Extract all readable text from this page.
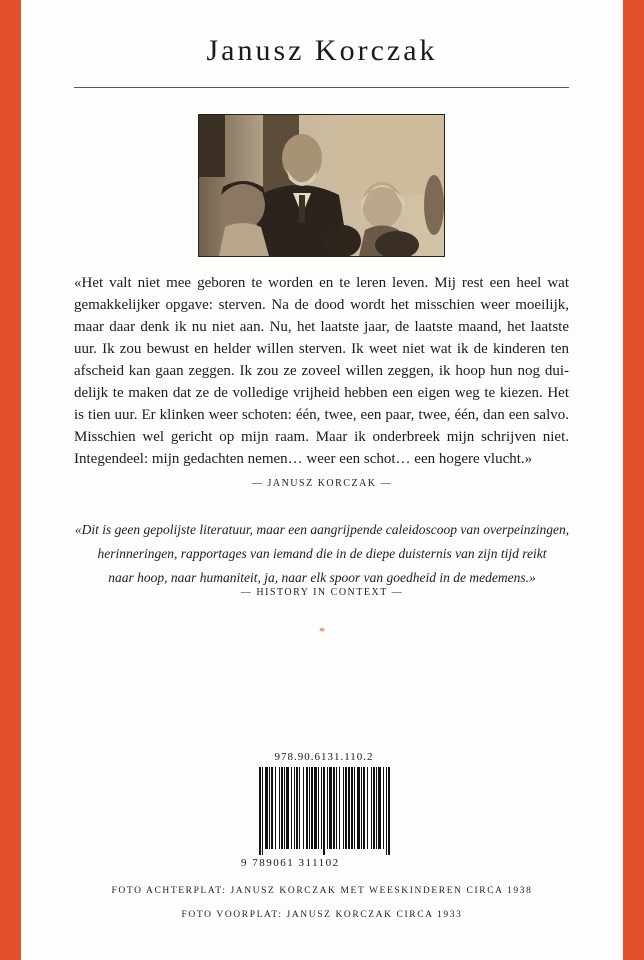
Janusz Korczak

«Het valt niet mee geboren te worden en te leren leven. Mij rest een heel wat
gemakkelijker opgave: sterven. Na de dood wordt het misschien weer moeilijk,
maar daar denk ik nu niet aan. Nu, het laatste jaar, de laatste maand, het laatste
uur. Ik zou bewust en helder willen sterven. Ik weet niet wat ik de kinderen ten
afscheid kan gaan zeggen. Ik zou ze zoveel willen zeggen, ik hoop hun nog dui-
delijk te maken dat ze de volledige vrijheid hebben een eigen weg te kiezen. Het
is tien uur. Er klinken weer schoten: één, twee, een paar, twee, één, dan een salvo.
Misschien wel gericht op mijn raam. Maar ik onderbreek mijn schrijven niet.
Integendeel: mijn gedachten nemen… weer een schot… een hogere vlucht.»

— JANUSZ KORCZAK —

«Dit is geen gepolijste literatuur, maar een aangrijpende caleidoscoop van overpeinzingen,
herinneringen, rapportages van iemand die in de diepe duisternis van zijn tijd reikt
naar hoop, naar humaniteit, ja, naar elk spoor van goedheid in de medemens.»

— HISTORY IN CONTEXT —
*
978.90.6131.110.2
9 789061 311102
FOTO ACHTERPLAT: JANUSZ KORCZAK MET WEESKINDEREN CIRCA 1938
FOTO VOORPLAT: JANUSZ KORCZAK CIRCA 1933
